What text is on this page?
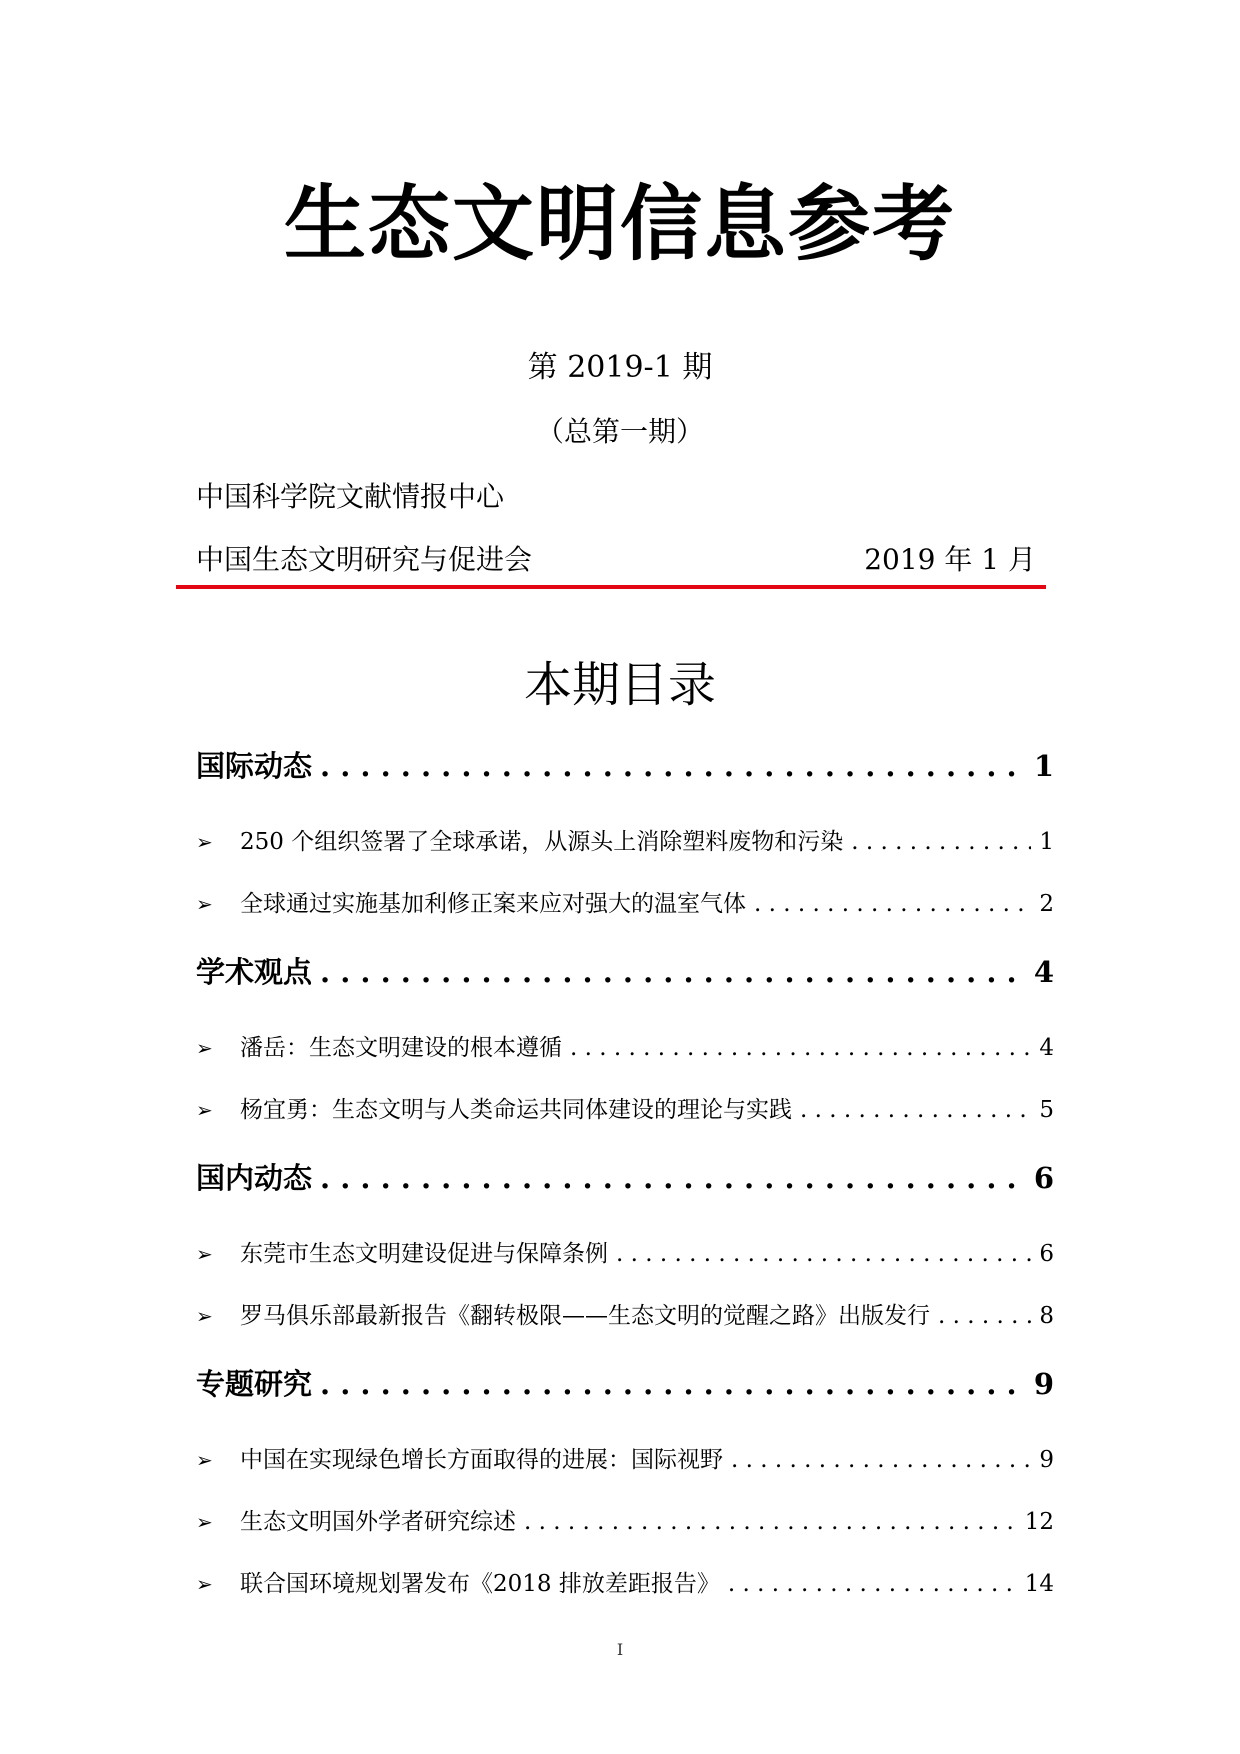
生态文明信息参考
第 2019-1 期
（总第一期）
中国科学院文献情报中心
中国生态文明研究与促进会	2019 年 1 月
本期目录
国际动态 . . .	1
➢	250 个组织签署了全球承诺，从源头上消除塑料废物和污染 . . .	1
➢	全球通过实施基加利修正案来应对强大的温室气体 . . .	2
学术观点 . . .	4
➢	潘岳：生态文明建设的根本遵循 . . .	4
➢	杨宜勇：生态文明与人类命运共同体建设的理论与实践 . . .	5
国内动态 . . .	6
➢	东莞市生态文明建设促进与保障条例 . . .	6
➢	罗马俱乐部最新报告《翻转极限——生态文明的觉醒之路》出版发行 . . .	8
专题研究 . . .	9
➢	中国在实现绿色增长方面取得的进展：国际视野 . . .	9
➢	生态文明国外学者研究综述 . . .	12
➢	联合国环境规划署发布《2018 排放差距报告》 . . .	14
I
